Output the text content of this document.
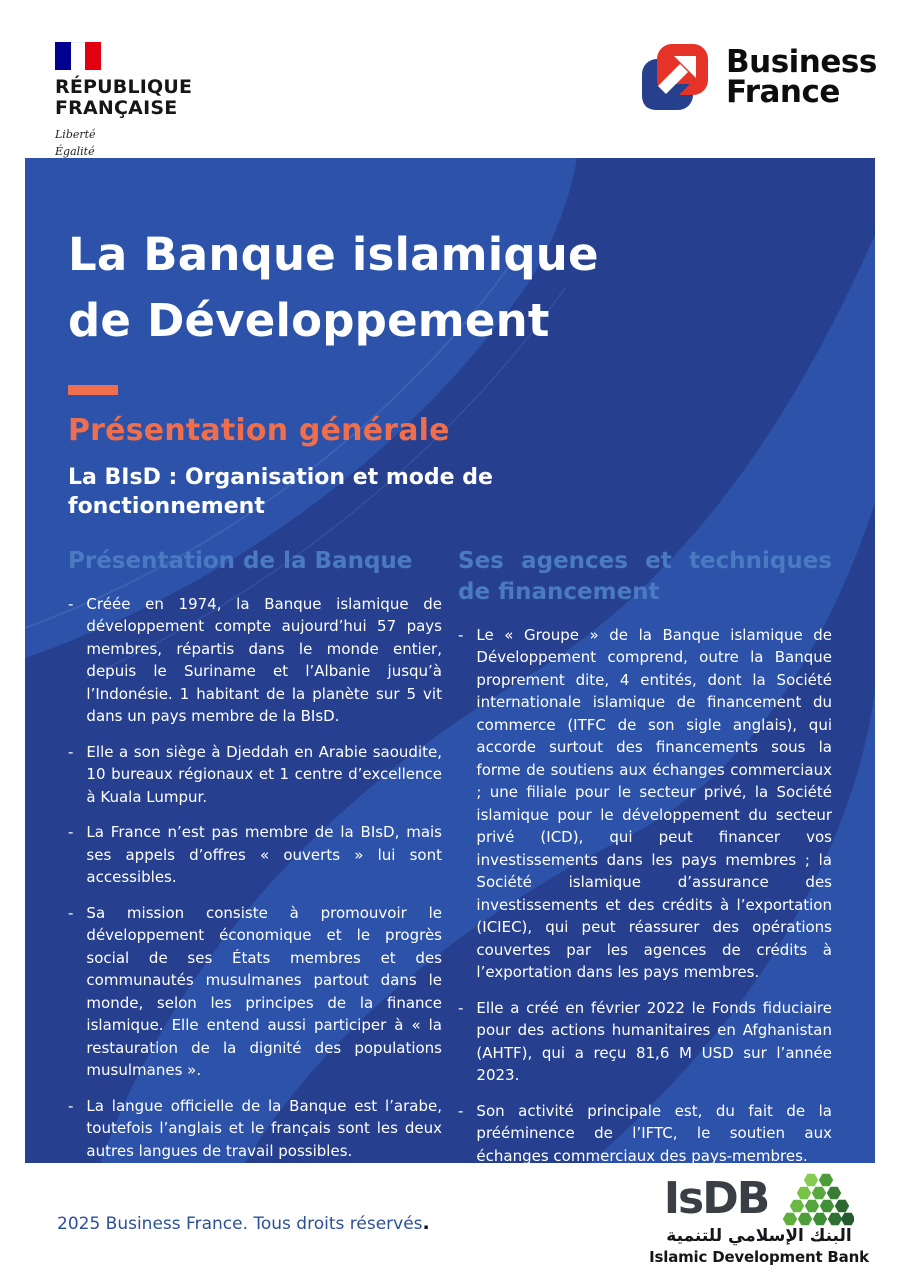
RÉPUBLIQUE
FRANÇAISE
Liberté
Égalité
Business
France
La Banque islamique
de Développement
Présentation générale
La BIsD : Organisation et mode de fonctionnement
Présentation de la Banque
- Créée en 1974, la Banque islamique de développement compte aujourd’hui 57 pays membres, répartis dans le monde entier, depuis le Suriname et l’Albanie jusqu’à l’Indonésie. 1 habitant de la planète sur 5 vit dans un pays membre de la BIsD.

- Elle a son siège à Djeddah en Arabie saoudite, 10 bureaux régionaux et 1 centre d’excellence à Kuala Lumpur.

- La France n’est pas membre de la BIsD, mais ses appels d’offres « ouverts » lui sont accessibles.

- Sa mission consiste à promouvoir le développement économique et le progrès social de ses États membres et des communautés musulmanes partout dans le monde, selon les principes de la finance islamique. Elle entend aussi participer à « la restauration de la dignité des populations musulmanes ».

- La langue officielle de la Banque est l’arabe, toutefois l’anglais et le français sont les deux autres langues de travail possibles.

Ses agences et techniques de financement
- Le « Groupe » de la Banque islamique de Développement comprend, outre la Banque proprement dite, 4 entités, dont la Société internationale islamique de financement du commerce (ITFC de son sigle anglais), qui accorde surtout des financements sous la forme de soutiens aux échanges commerciaux ; une filiale pour le secteur privé, la Société islamique pour le développement du secteur privé (ICD), qui peut financer vos investissements dans les pays membres ; la Société islamique d’assurance des investissements et des crédits à l’exportation (ICIEC), qui peut réassurer des opérations couvertes par les agences de crédits à l’exportation dans les pays membres.

- Elle a créé en février 2022 le Fonds fiduciaire pour des actions humanitaires en Afghanistan (AHTF), qui a reçu 81,6 M USD sur l’année 2023.

- Son activité principale est, du fait de la prééminence de l’IFTC, le soutien aux échanges commerciaux des pays-membres.

2025 Business France. Tous droits réservés.	IsDB
البنك الإسلامي للتنمية
Islamic Development Bank
